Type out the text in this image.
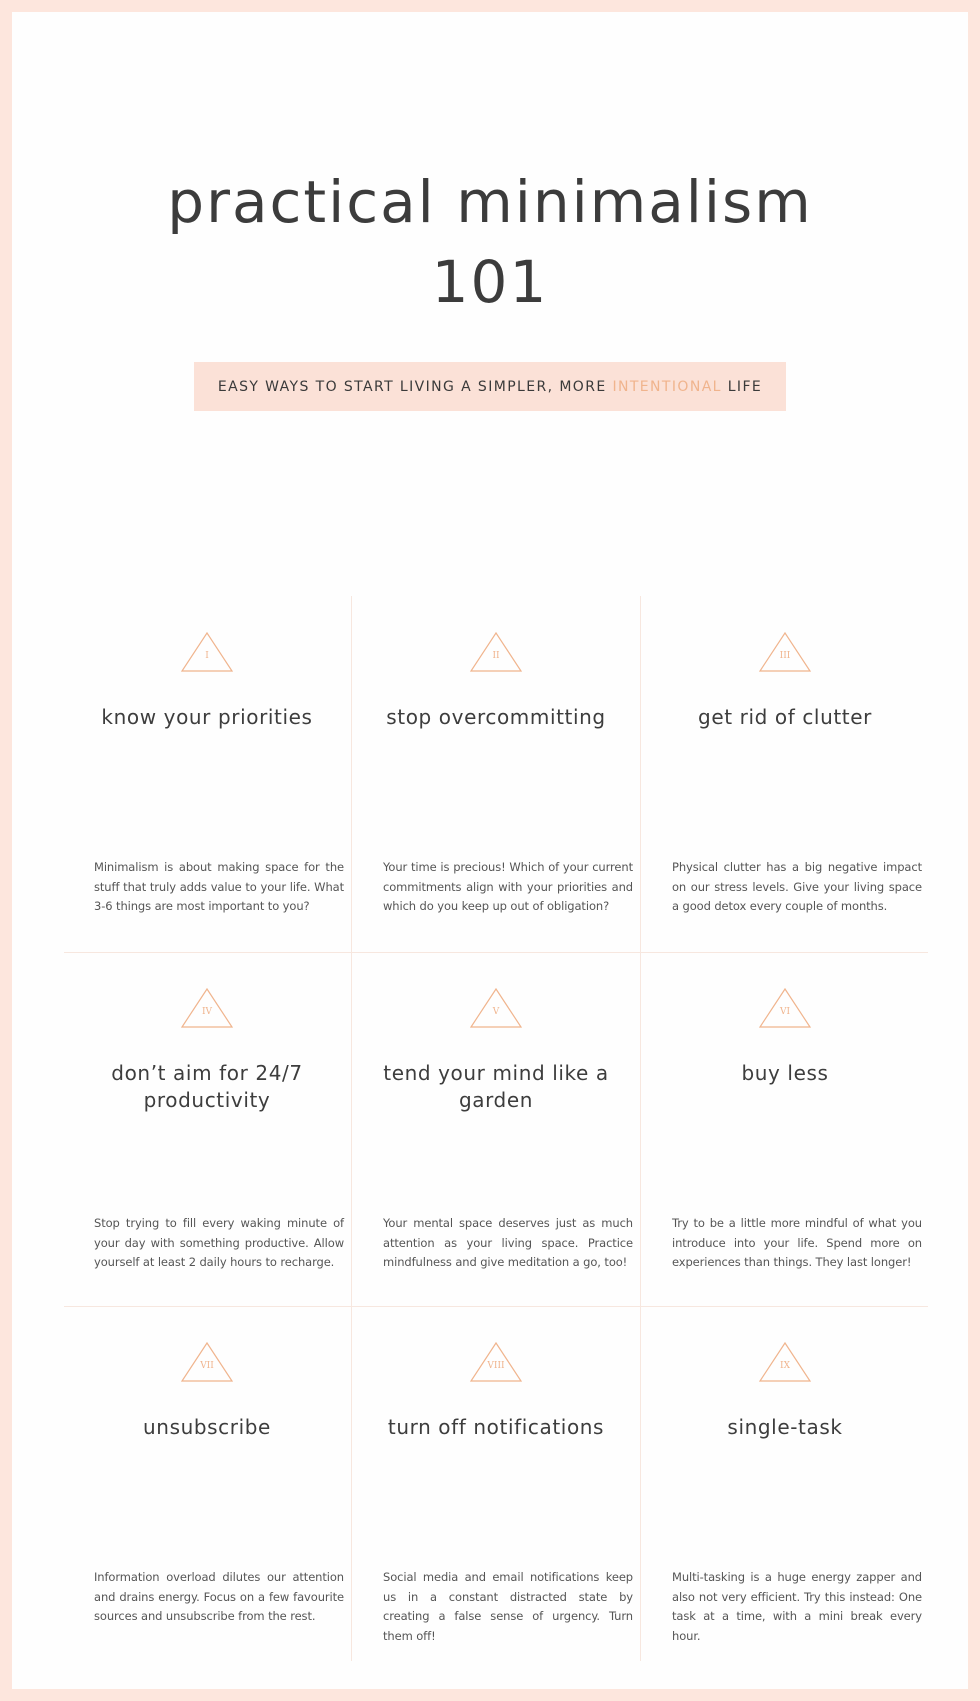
practical minimalism
101
EASY WAYS TO START LIVING A SIMPLER, MORE INTENTIONAL LIFE
I
know your priorities
Minimalism is about making space for the stuff that truly adds value to your life. What 3-6 things are most important to you?
II
stop overcommitting
Your time is precious! Which of your current commitments align with your priorities and which do you keep up out of obligation?
III
get rid of clutter
Physical clutter has a big negative impact on our stress levels. Give your living space a good detox every couple of months.
IV
don’t aim for 24/7 productivity
Stop trying to fill every waking minute of your day with something productive. Allow yourself at least 2 daily hours to recharge.
V
tend your mind like a garden
Your mental space deserves just as much attention as your living space. Practice mindfulness and give meditation a go, too!
VI
buy less
Try to be a little more mindful of what you introduce into your life. Spend more on experiences than things. They last longer!
VII
unsubscribe
Information overload dilutes our attention and drains energy. Focus on a few favourite sources and unsubscribe from the rest.
VIII
turn off notifications
Social media and email notifications keep us in a constant distracted state by creating a false sense of urgency. Turn them off!
IX
single-task
Multi-tasking is a huge energy zapper and also not very efficient. Try this instead: One task at a time, with a mini break every hour.
